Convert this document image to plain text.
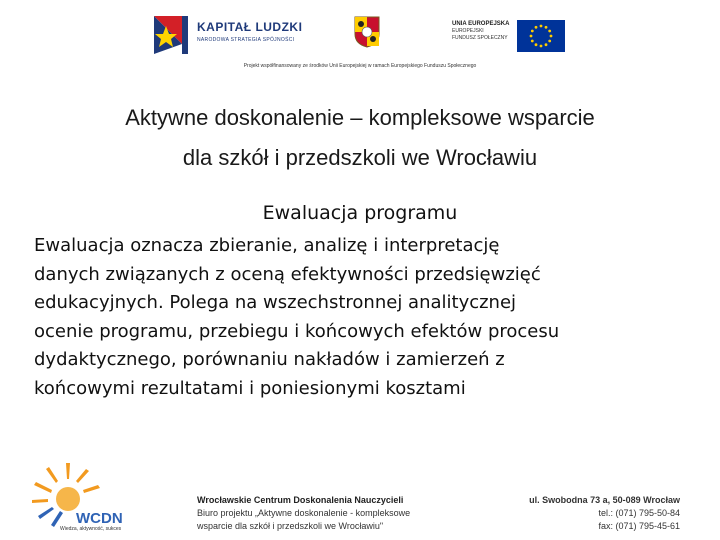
KAPITAŁ LUDZKI
NARODOWA STRATEGIA SPÓJNOŚCI
UNIA EUROPEJSKA
EUROPEJSKI
FUNDUSZ SPOŁECZNY
Projekt współfinansowany ze środków Unii Europejskiej w ramach Europejskiego Funduszu Społecznego
Aktywne doskonalenie – kompleksowe wsparcie
dla szkół i przedszkoli we Wrocławiu
Ewaluacja programu
Ewaluacja oznacza zbieranie, analizę i interpretację
danych związanych z oceną efektywności przedsięwzięć
edukacyjnych. Polega na wszechstronnej analitycznej
ocenie programu, przebiegu i końcowych efektów procesu
dydaktycznego, porównaniu nakładów i zamierzeń z
końcowymi rezultatami i poniesionymi kosztami
WCDN
Wiedza, aktywność, sukces
Wrocławskie Centrum Doskonalenia Nauczycieli
Biuro projektu „Aktywne doskonalenie - kompleksowe
wsparcie dla szkół i przedszkoli we Wrocławiu"
ul. Swobodna 73 a, 50-089 Wrocław
tel.: (071) 795-50-84
fax: (071) 795-45-61
